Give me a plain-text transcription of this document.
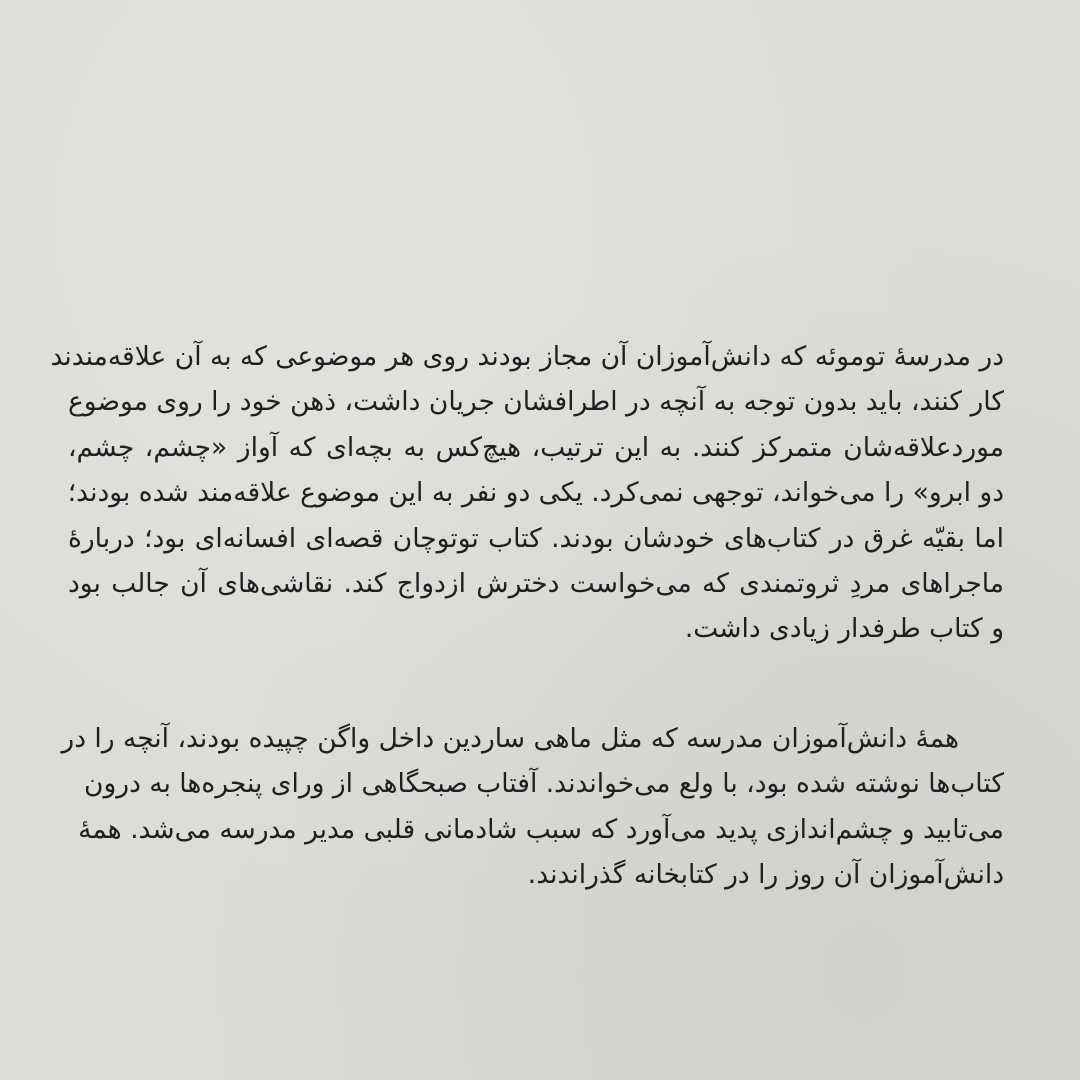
در مدرسهٔ توموئه که دانش‌آموزان آن مجاز بودند روی هر موضوعی که به آن علاقه‌مندند
کار کنند، باید بدون توجه به آنچه در اطرافشان جریان داشت، ذهن خود را روی موضوع
موردعلاقه‌شان متمرکز کنند. به این ترتیب، هیچ‌کس به بچه‌ای که آواز «چشم، چشم،
دو ابرو» را می‌خواند، توجهی نمی‌کرد. یکی دو نفر به این موضوع علاقه‌مند شده بودند؛
اما بقیّه غرق در کتاب‌های خودشان بودند. کتاب توتوچان قصه‌ای افسانه‌ای بود؛ دربارهٔ
ماجراهای مردِ ثروتمندی که می‌خواست دخترش ازدواج کند. نقاشی‌های آن جالب بود
و کتاب طرفدار زیادی داشت.
همهٔ دانش‌آموزان مدرسه که مثل ماهی ساردین داخل واگن چپیده بودند، آنچه را در
کتاب‌ها نوشته شده بود، با ولع می‌خواندند. آفتاب صبحگاهی از ورای پنجره‌ها به درون
می‌تابید و چشم‌اندازی پدید می‌آورد که سبب شادمانی قلبی مدیر مدرسه می‌شد. همهٔ
دانش‌آموزان آن روز را در کتابخانه گذراندند.
